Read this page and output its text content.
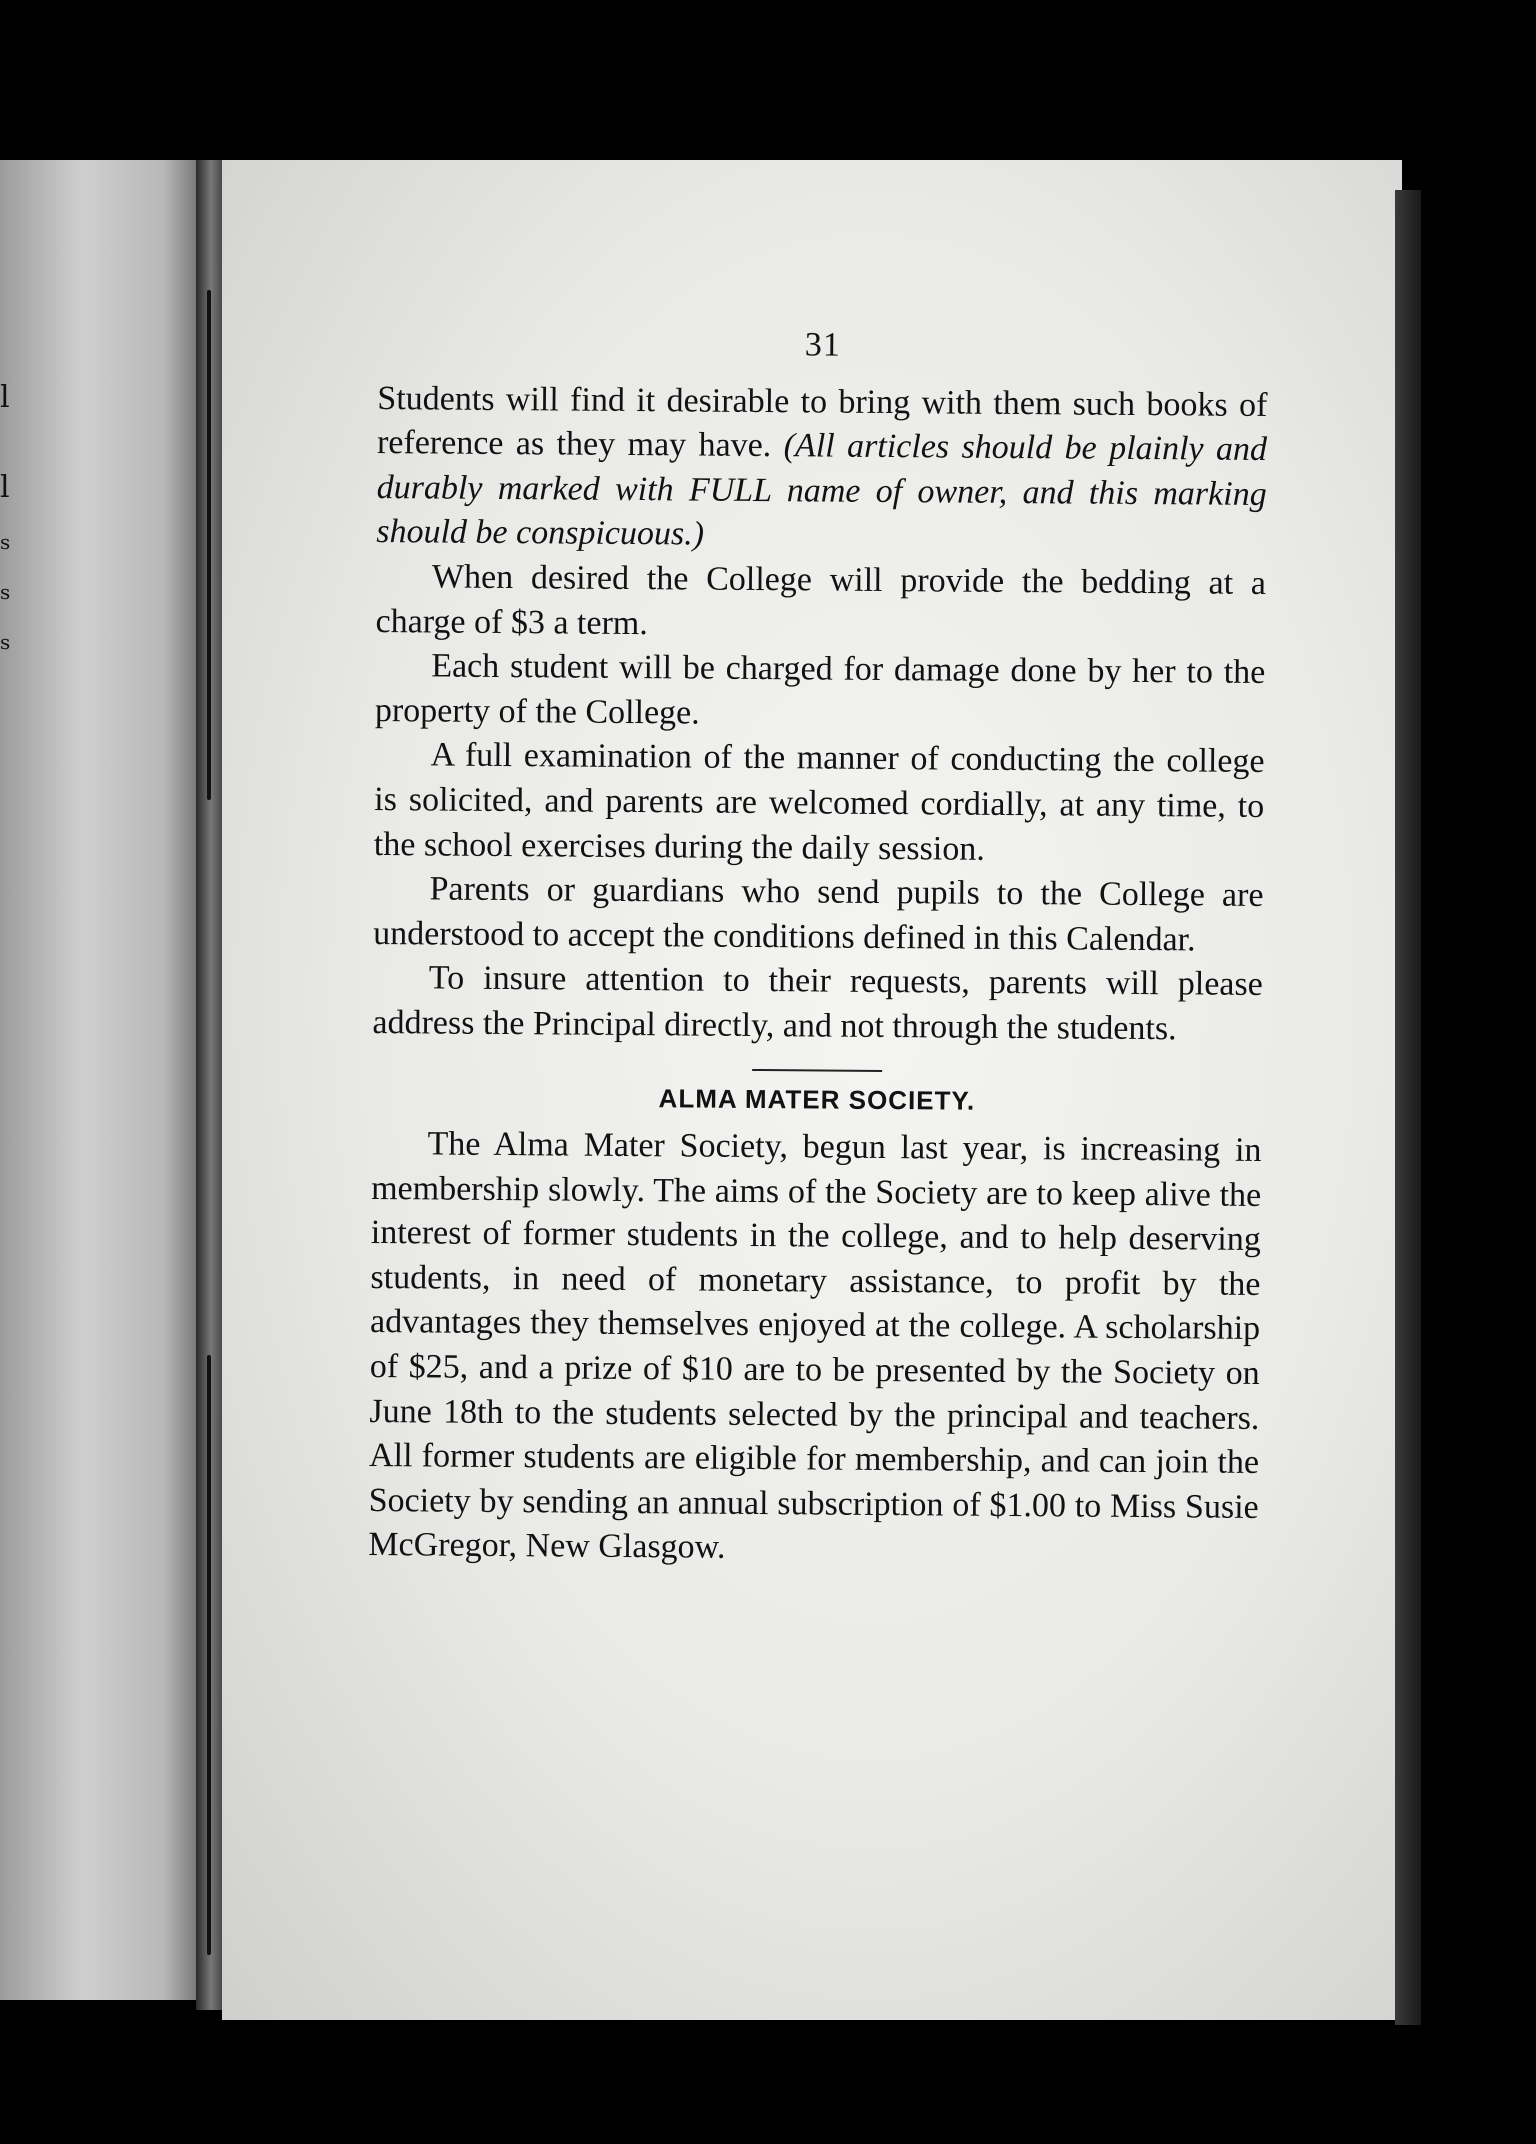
l
l
s
s
s
31

Students will find it desirable to bring with them such books of reference as they may have. (All articles should be plainly and durably marked with FULL name of owner, and this marking should be conspicuous.)

When desired the College will provide the bedding at a charge of $3 a term.

Each student will be charged for damage done by her to the property of the College.

A full examination of the manner of conducting the college is solicited, and parents are welcomed cordially, at any time, to the school exercises during the daily session.

Parents or guardians who send pupils to the College are understood to accept the conditions defined in this Calendar.

To insure attention to their requests, parents will please address the Principal directly, and not through the students.

ALMA MATER SOCIETY.

The Alma Mater Society, begun last year, is increasing in membership slowly. The aims of the Society are to keep alive the interest of former students in the college, and to help deserving students, in need of monetary assistance, to profit by the advantages they themselves enjoyed at the college. A scholarship of $25, and a prize of $10 are to be presented by the Society on June 18th to the students selected by the principal and teachers. All former students are eligible for membership, and can join the Society by sending an annual subscription of $1.00 to Miss Susie McGregor, New Glasgow.
